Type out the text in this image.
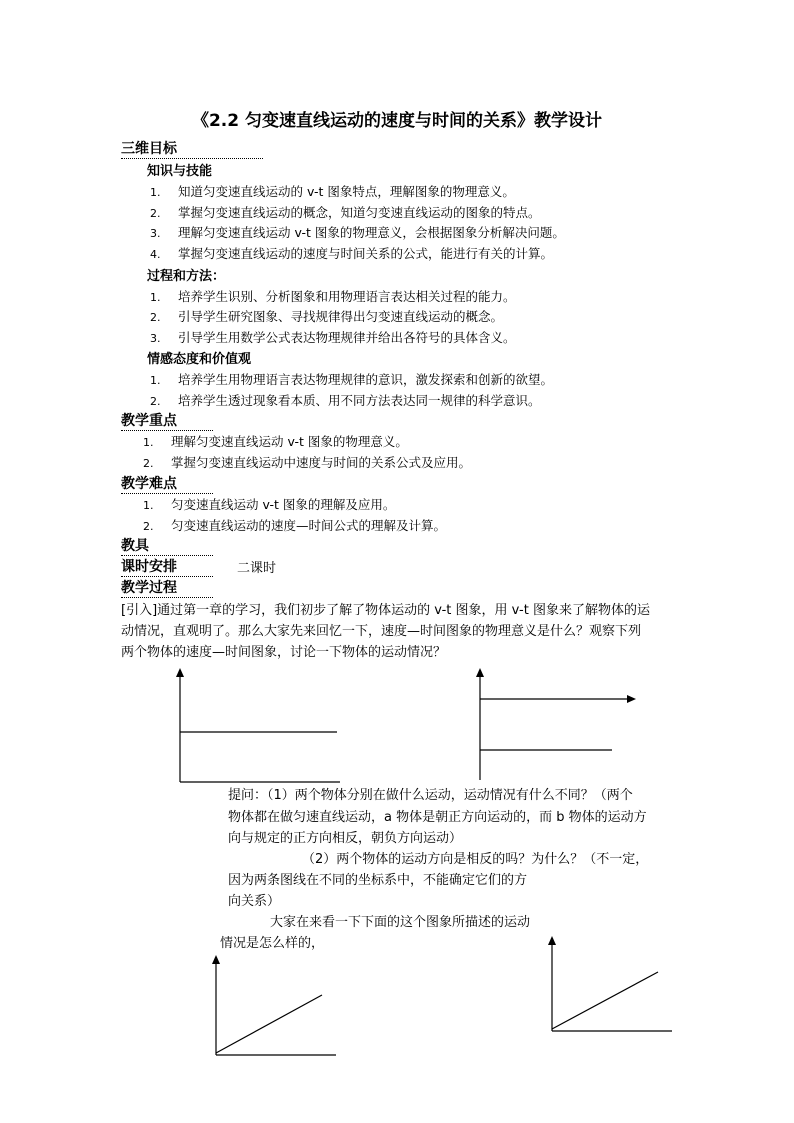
《2.2 匀变速直线运动的速度与时间的关系》教学设计
三维目标
知识与技能
1. 知道匀变速直线运动的 v-t 图象特点，理解图象的物理意义。
2. 掌握匀变速直线运动的概念，知道匀变速直线运动的图象的特点。
3. 理解匀变速直线运动 v-t 图象的物理意义，会根据图象分析解决问题。
4. 掌握匀变速直线运动的速度与时间关系的公式，能进行有关的计算。
过程和方法：
1. 培养学生识别、分析图象和用物理语言表达相关过程的能力。
2. 引导学生研究图象、寻找规律得出匀变速直线运动的概念。
3. 引导学生用数学公式表达物理规律并给出各符号的具体含义。
情感态度和价值观
1. 培养学生用物理语言表达物理规律的意识，激发探索和创新的欲望。
2. 培养学生透过现象看本质、用不同方法表达同一规律的科学意识。
教学重点
1. 理解匀变速直线运动 v-t 图象的物理意义。
2. 掌握匀变速直线运动中速度与时间的关系公式及应用。
教学难点
1. 匀变速直线运动 v-t 图象的理解及应用。
2. 匀变速直线运动的速度—时间公式的理解及计算。
教具
课时安排	二课时
教学过程
[引入]通过第一章的学习，我们初步了解了物体运动的 v-t 图象，用 v-t 图象来了解物体的运
动情况，直观明了。那么大家先来回忆一下，速度—时间图象的物理意义是什么？观察下列
两个物体的速度—时间图象，讨论一下物体的运动情况？
提问：（1）两个物体分别在做什么运动，运动情况有什么不同？（两个
物体都在做匀速直线运动，a 物体是朝正方向运动的，而 b 物体的运动方
向与规定的正方向相反，朝负方向运动）
（2）两个物体的运动方向是相反的吗？为什么？（不一定，
因为两条图线在不同的坐标系中，不能确定它们的方
向关系）
大家在来看一下下面的这个图象所描述的运动
情况是怎么样的，
